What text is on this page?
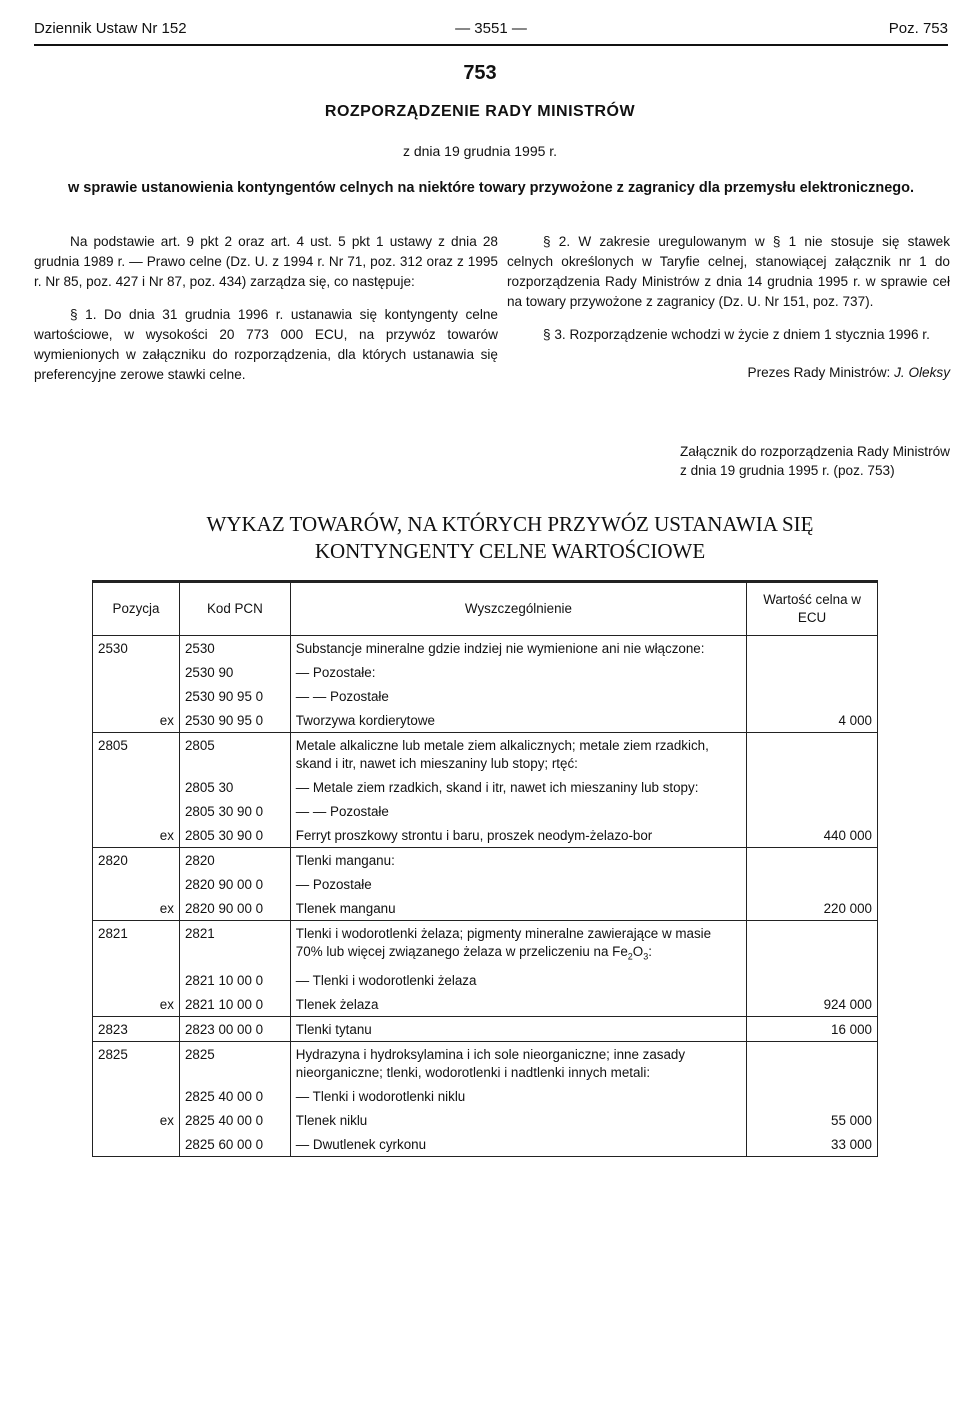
Dziennik Ustaw Nr 152	— 3551 —	Poz. 753
753
ROZPORZĄDZENIE RADY MINISTRÓW
z dnia 19 grudnia 1995 r.
w sprawie ustanowienia kontyngentów celnych na niektóre towary przywożone z zagranicy dla przemysłu elektronicznego.

Na podstawie art. 9 pkt 2 oraz art. 4 ust. 5 pkt 1 ustawy z dnia 28 grudnia 1989 r. — Prawo celne (Dz. U. z 1994 r. Nr 71, poz. 312 oraz z 1995 r. Nr 85, poz. 427 i Nr 87, poz. 434) zarządza się, co następuje:

§ 1. Do dnia 31 grudnia 1996 r. ustanawia się kontyngenty celne wartościowe, w wysokości 20 773 000 ECU, na przywóz towarów wymienionych w załączniku do rozporządzenia, dla których ustanawia się preferencyjne zerowe stawki celne.

§ 2. W zakresie uregulowanym w § 1 nie stosuje się stawek celnych określonych w Taryfie celnej, stanowiącej załącznik nr 1 do rozporządzenia Rady Ministrów z dnia 14 grudnia 1995 r. w sprawie ceł na towary przywożone z zagranicy (Dz. U. Nr 151, poz. 737).

§ 3. Rozporządzenie wchodzi w życie z dniem 1 stycznia 1996 r.

Prezes Rady Ministrów: J. Oleksy

Załącznik do rozporządzenia Rady Ministrów z dnia 19 grudnia 1995 r. (poz. 753)
WYKAZ TOWARÓW, NA KTÓRYCH PRZYWÓZ USTANAWIA SIĘ
KONTYNGENTY CELNE WARTOŚCIOWE
Pozycja	Kod PCN	Wyszczególnienie	Wartość celna w ECU
2530	2530	Substancje mineralne gdzie indziej nie wymienione ani nie włączone:	
	2530 90	— Pozostałe:	
	2530 90 95 0	— — Pozostałe	

ex	2530 90 95 0	Tworzywa kordierytowe	4 000
2805	2805	Metale alkaliczne lub metale ziem alkalicznych; metale ziem rzadkich, skand i itr, nawet ich mieszaniny lub stopy; rtęć:	
	2805 30	— Metale ziem rzadkich, skand i itr, nawet ich mieszaniny lub stopy:	
	2805 30 90 0	— — Pozostałe	

ex	2805 30 90 0	Ferryt proszkowy strontu i baru, proszek neodym-żelazo-bor	440 000
2820	2820	Tlenki manganu:	
	2820 90 00 0	— Pozostałe	

ex	2820 90 00 0	Tlenek manganu	220 000
2821	2821	Tlenki i wodorotlenki żelaza; pigmenty mineralne zawierające w masie 70% lub więcej związanego żelaza w przeliczeniu na $Fe_2O_3$:	
	2821 10 00 0	— Tlenki i wodorotlenki żelaza	

ex	2821 10 00 0	Tlenek żelaza	924 000
2823	2823 00 00 0	Tlenki tytanu	16 000
2825	2825	Hydrazyna i hydroksylamina i ich sole nieorganiczne; inne zasady nieorganiczne; tlenki, wodorotlenki i nadtlenki innych metali:	
	2825 40 00 0	— Tlenki i wodorotlenki niklu	

ex	2825 40 00 0	Tlenek niklu	55 000
	2825 60 00 0	— Dwutlenek cyrkonu	33 000
